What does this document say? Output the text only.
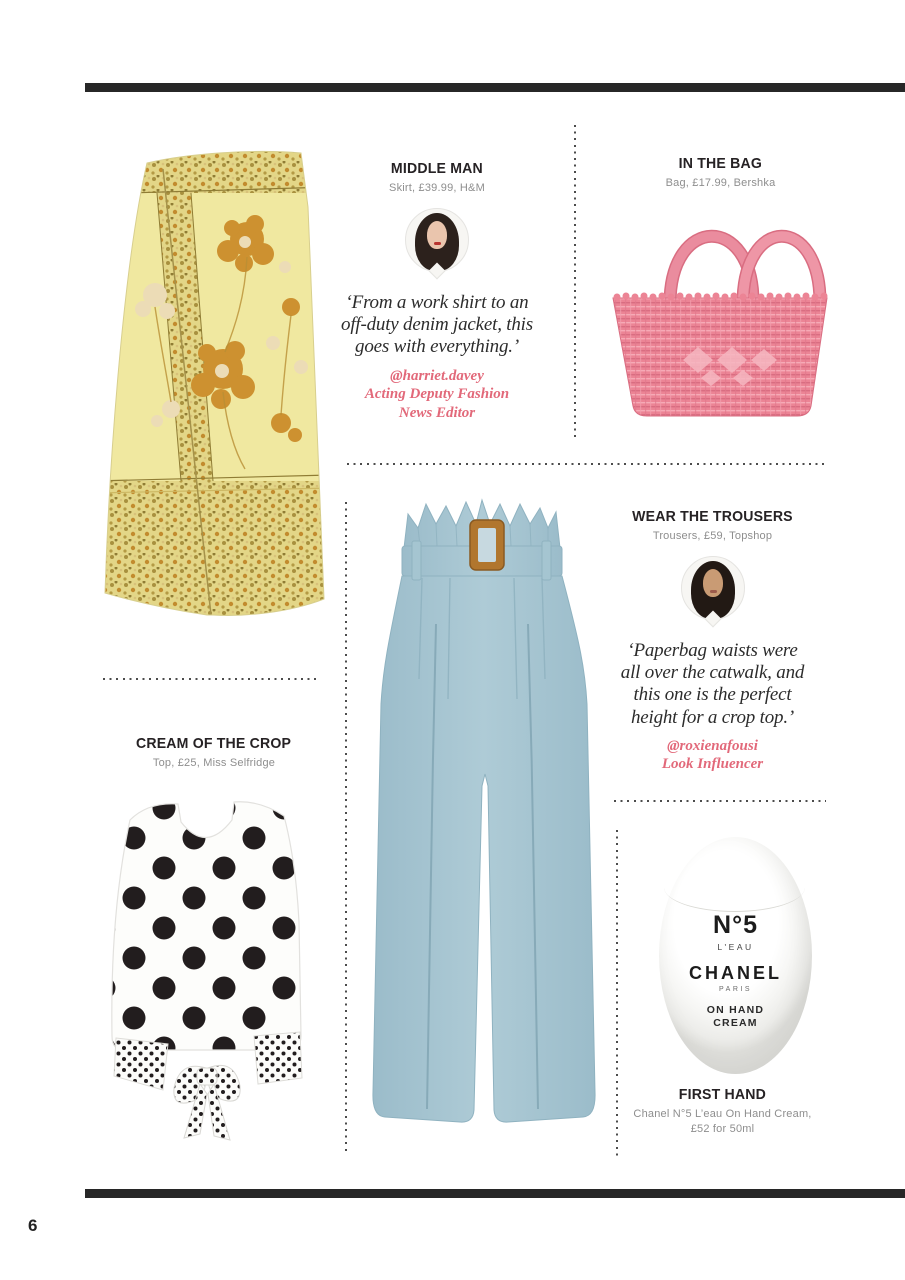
6
MIDDLE MAN
Skirt, £39.99, H&M
‘From a work shirt to an
off-duty denim jacket, this
goes with everything.’
@harriet.davey
Acting Deputy Fashion
News Editor
IN THE BAG
Bag, £17.99, Bershka
WEAR THE TROUSERS
Trousers, £59, Topshop
‘Paperbag waists were
all over the catwalk, and
this one is the perfect
height for a crop top.’
@roxienafousi
Look Influencer
CREAM OF THE CROP
Top, £25, Miss Selfridge
N°5
L'EAU
CHANEL
PARIS
ON HAND
CREAM
FIRST HAND
Chanel N°5 L’eau On Hand Cream,
£52 for 50ml
